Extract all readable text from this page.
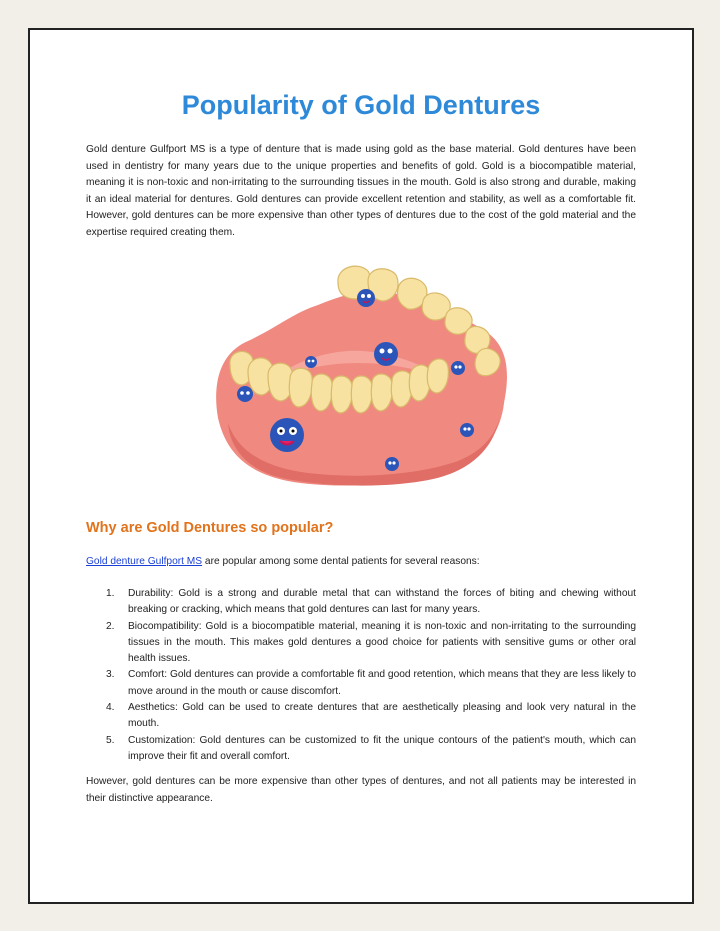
Popularity of Gold Dentures

Gold denture Gulfport MS is a type of denture that is made using gold as the base material. Gold dentures have been used in dentistry for many years due to the unique properties and benefits of gold. Gold is a biocompatible material, meaning it is non-toxic and non-irritating to the surrounding tissues in the mouth. Gold is also strong and durable, making it an ideal material for dentures. Gold dentures can provide excellent retention and stability, as well as a comfortable fit. However, gold dentures can be more expensive than other types of dentures due to the cost of the gold material and the expertise required creating them.

Why are Gold Dentures so popular?

Gold denture Gulfport MS are popular among some dental patients for several reasons:

1. Durability: Gold is a strong and durable metal that can withstand the forces of biting and chewing without breaking or cracking, which means that gold dentures can last for many years.
2. Biocompatibility: Gold is a biocompatible material, meaning it is non-toxic and non-irritating to the surrounding tissues in the mouth. This makes gold dentures a good choice for patients with sensitive gums or other oral health issues.
3. Comfort: Gold dentures can provide a comfortable fit and good retention, which means that they are less likely to move around in the mouth or cause discomfort.
4. Aesthetics: Gold can be used to create dentures that are aesthetically pleasing and look very natural in the mouth.
5. Customization: Gold dentures can be customized to fit the unique contours of the patient's mouth, which can improve their fit and overall comfort.

However, gold dentures can be more expensive than other types of dentures, and not all patients may be interested in their distinctive appearance.
